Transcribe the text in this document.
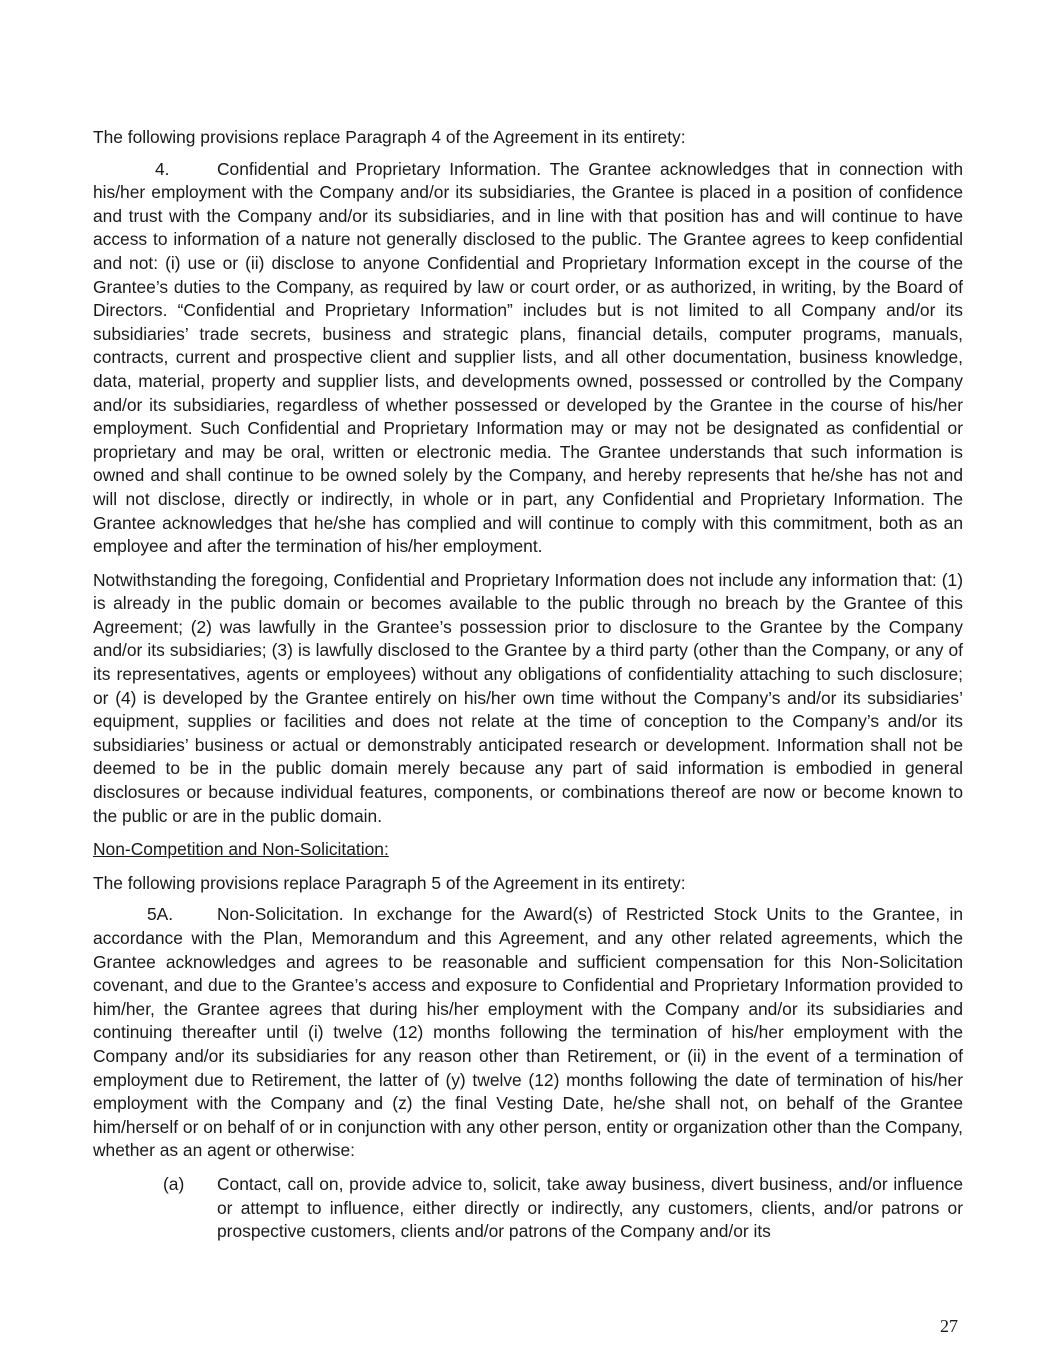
The following provisions replace Paragraph 4 of the Agreement in its entirety:

4.	Confidential and Proprietary Information. The Grantee acknowledges that in connection with his/her employment with the Company and/or its subsidiaries, the Grantee is placed in a position of confidence and trust with the Company and/or its subsidiaries, and in line with that position has and will continue to have access to information of a nature not generally disclosed to the public. The Grantee agrees to keep confidential and not: (i) use or (ii) disclose to anyone Confidential and Proprietary Information except in the course of the Grantee’s duties to the Company, as required by law or court order, or as authorized, in writing, by the Board of Directors. “Confidential and Proprietary Information” includes but is not limited to all Company and/or its subsidiaries’ trade secrets, business and strategic plans, financial details, computer programs, manuals, contracts, current and prospective client and supplier lists, and all other documentation, business knowledge, data, material, property and supplier lists, and developments owned, possessed or controlled by the Company and/or its subsidiaries, regardless of whether possessed or developed by the Grantee in the course of his/her employment. Such Confidential and Proprietary Information may or may not be designated as confidential or proprietary and may be oral, written or electronic media. The Grantee understands that such information is owned and shall continue to be owned solely by the Company, and hereby represents that he/she has not and will not disclose, directly or indirectly, in whole or in part, any Confidential and Proprietary Information. The Grantee acknowledges that he/she has complied and will continue to comply with this commitment, both as an employee and after the termination of his/her employment.

Notwithstanding the foregoing, Confidential and Proprietary Information does not include any information that: (1) is already in the public domain or becomes available to the public through no breach by the Grantee of this Agreement; (2) was lawfully in the Grantee’s possession prior to disclosure to the Grantee by the Company and/or its subsidiaries; (3) is lawfully disclosed to the Grantee by a third party (other than the Company, or any of its representatives, agents or employees) without any obligations of confidentiality attaching to such disclosure; or (4) is developed by the Grantee entirely on his/her own time without the Company’s and/or its subsidiaries’ equipment, supplies or facilities and does not relate at the time of conception to the Company’s and/or its subsidiaries’ business or actual or demonstrably anticipated research or development. Information shall not be deemed to be in the public domain merely because any part of said information is embodied in general disclosures or because individual features, components, or combinations thereof are now or become known to the public or are in the public domain.

Non-Competition and Non-Solicitation:

The following provisions replace Paragraph 5 of the Agreement in its entirety:

5A.	Non-Solicitation. In exchange for the Award(s) of Restricted Stock Units to the Grantee, in accordance with the Plan, Memorandum and this Agreement, and any other related agreements, which the Grantee acknowledges and agrees to be reasonable and sufficient compensation for this Non-Solicitation covenant, and due to the Grantee’s access and exposure to Confidential and Proprietary Information provided to him/her, the Grantee agrees that during his/her employment with the Company and/or its subsidiaries and continuing thereafter until (i) twelve (12) months following the termination of his/her employment with the Company and/or its subsidiaries for any reason other than Retirement, or (ii) in the event of a termination of employment due to Retirement, the latter of (y) twelve (12) months following the date of termination of his/her employment with the Company and (z) the final Vesting Date, he/she shall not, on behalf of the Grantee him/herself or on behalf of or in conjunction with any other person, entity or organization other than the Company, whether as an agent or otherwise:

(a)	Contact, call on, provide advice to, solicit, take away business, divert business, and/or influence or attempt to influence, either directly or indirectly, any customers, clients, and/or patrons or prospective customers, clients and/or patrons of the Company and/or its
27
